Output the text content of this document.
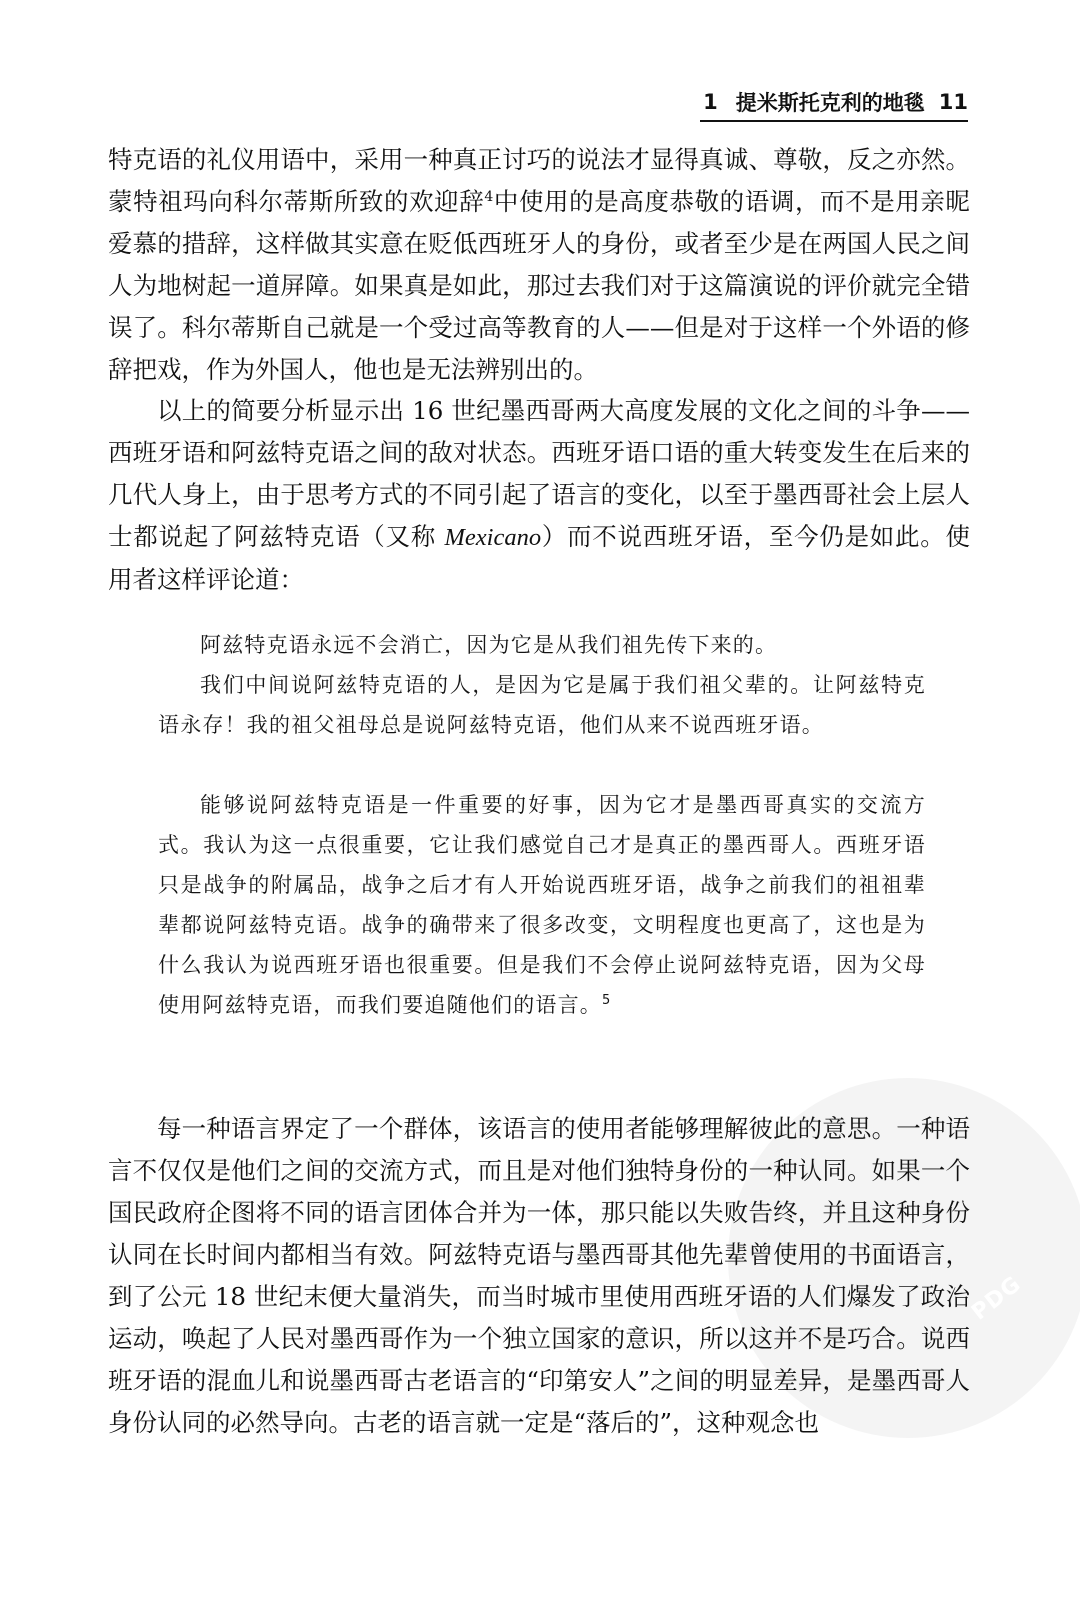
PDG
1 提米斯托克利的地毯 11

特克语的礼仪用语中，采用一种真正讨巧的说法才显得真诚、尊敬，反之亦然。蒙特祖玛向科尔蒂斯所致的欢迎辞$^4$中使用的是高度恭敬的语调，而不是用亲昵爱慕的措辞，这样做其实意在贬低西班牙人的身份，或者至少是在两国人民之间人为地树起一道屏障。如果真是如此，那过去我们对于这篇演说的评价就完全错误了。科尔蒂斯自己就是一个受过高等教育的人——但是对于这样一个外语的修辞把戏，作为外国人，他也是无法辨别出的。

以上的简要分析显示出 16 世纪墨西哥两大高度发展的文化之间的斗争——西班牙语和阿兹特克语之间的敌对状态。西班牙语口语的重大转变发生在后来的几代人身上，由于思考方式的不同引起了语言的变化，以至于墨西哥社会上层人士都说起了阿兹特克语（又称 Mexicano）而不说西班牙语，至今仍是如此。使用者这样评论道：

阿兹特克语永远不会消亡，因为它是从我们祖先传下来的。

我们中间说阿兹特克语的人，是因为它是属于我们祖父辈的。让阿兹特克语永存！我的祖父祖母总是说阿兹特克语，他们从来不说西班牙语。

能够说阿兹特克语是一件重要的好事，因为它才是墨西哥真实的交流方式。我认为这一点很重要，它让我们感觉自己才是真正的墨西哥人。西班牙语只是战争的附属品，战争之后才有人开始说西班牙语，战争之前我们的祖祖辈辈都说阿兹特克语。战争的确带来了很多改变，文明程度也更高了，这也是为什么我认为说西班牙语也很重要。但是我们不会停止说阿兹特克语，因为父母使用阿兹特克语，而我们要追随他们的语言。$^5$

每一种语言界定了一个群体，该语言的使用者能够理解彼此的意思。一种语言不仅仅是他们之间的交流方式，而且是对他们独特身份的一种认同。如果一个国民政府企图将不同的语言团体合并为一体，那只能以失败告终，并且这种身份认同在长时间内都相当有效。阿兹特克语与墨西哥其他先辈曾使用的书面语言，到了公元 18 世纪末便大量消失，而当时城市里使用西班牙语的人们爆发了政治运动，唤起了人民对墨西哥作为一个独立国家的意识，所以这并不是巧合。说西班牙语的混血儿和说墨西哥古老语言的“印第安人”之间的明显差异，是墨西哥人身份认同的必然导向。古老的语言就一定是“落后的”，这种观念也
